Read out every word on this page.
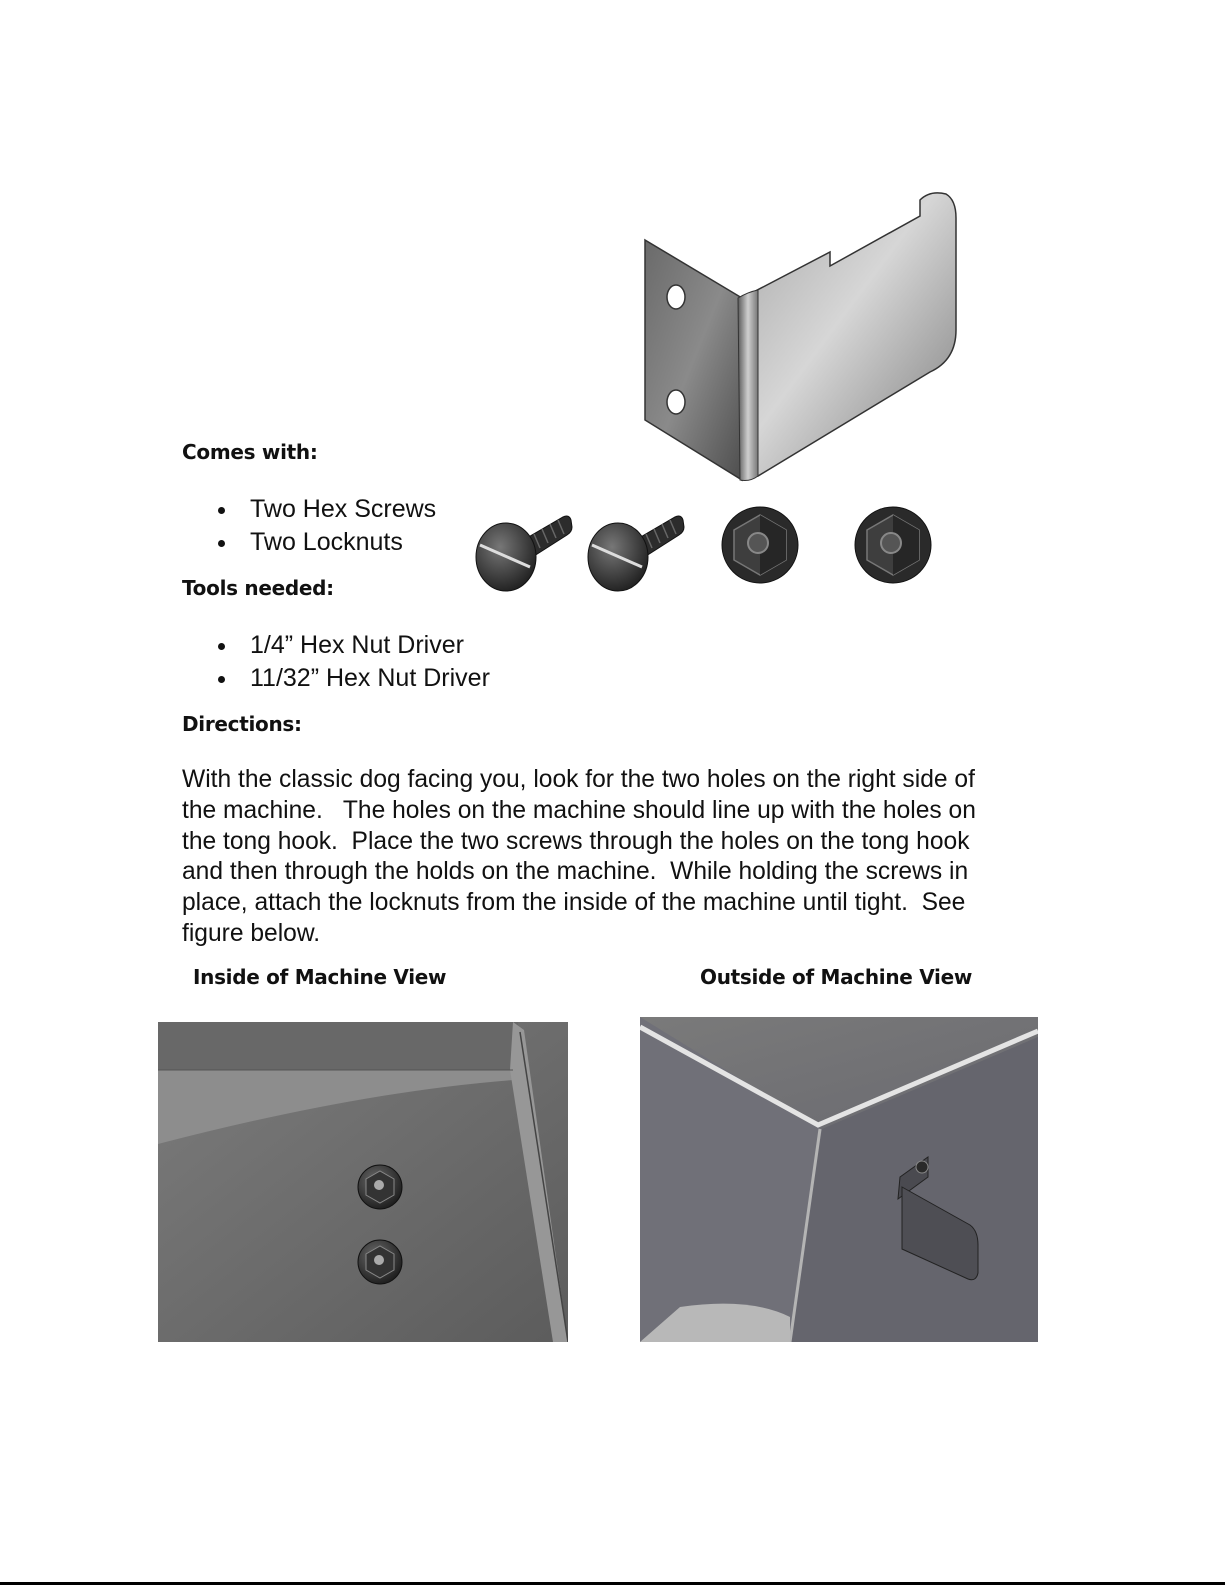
Comes with:
Two Hex Screws
Two Locknuts
Tools needed:
1/4” Hex Nut Driver
11/32” Hex Nut Driver
Directions:
With the classic dog facing you, look for the two holes on the right side of
the machine.   The holes on the machine should line up with the holes on
the tong hook.  Place the two screws through the holes on the tong hook
and then through the holds on the machine.  While holding the screws in
place, attach the locknuts from the inside of the machine until tight.  See
figure below.
Inside of Machine View	Outside of Machine View
